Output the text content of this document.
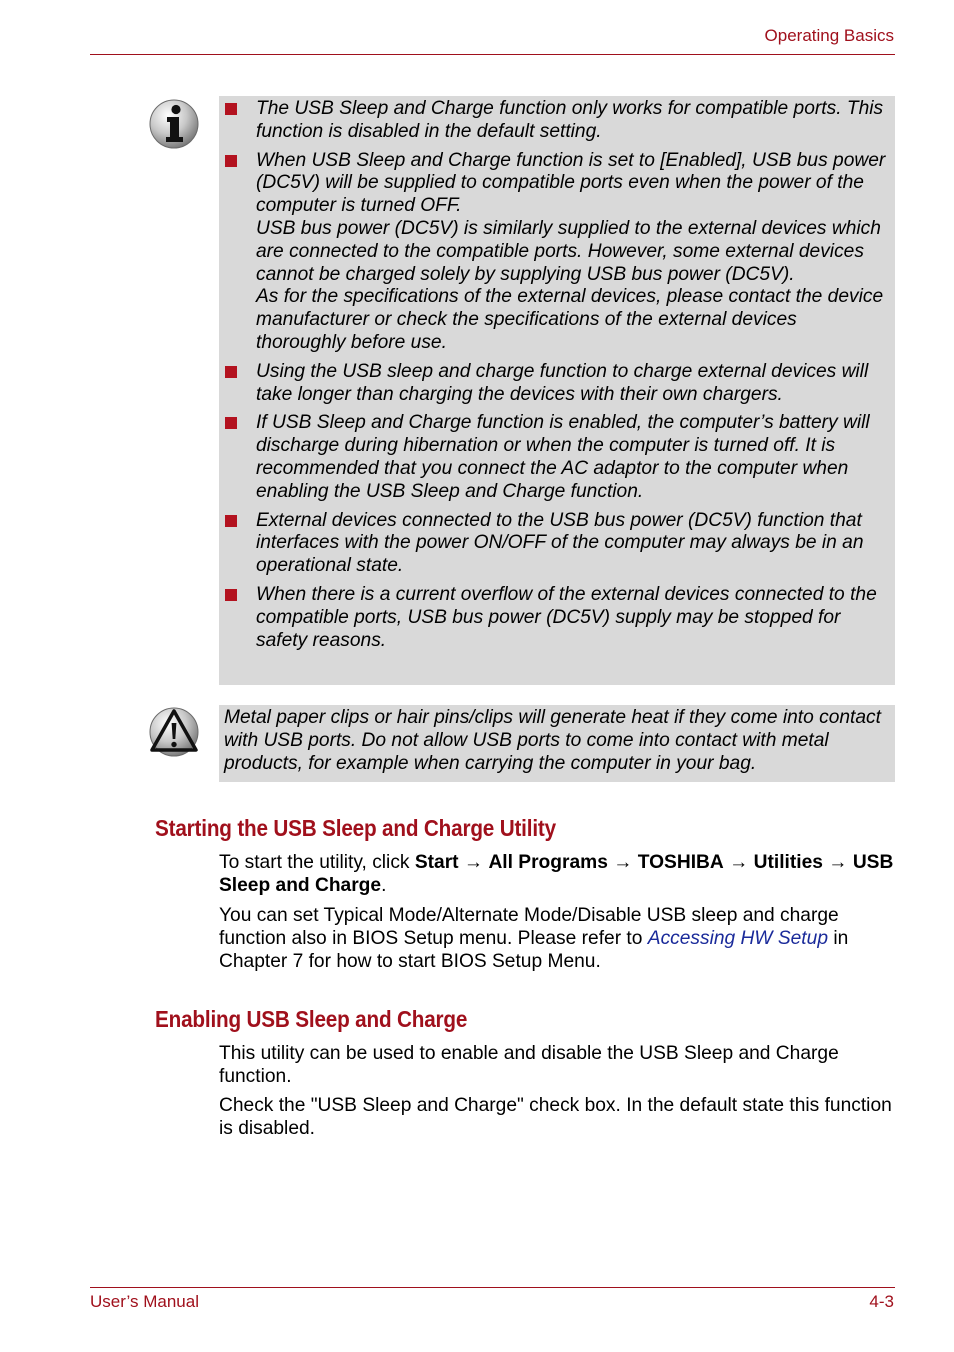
Operating Basics
The USB Sleep and Charge function only works for compatible ports. This function is disabled in the default setting.
When USB Sleep and Charge function is set to [Enabled], USB bus power (DC5V) will be supplied to compatible ports even when the power of the computer is turned OFF.
USB bus power (DC5V) is similarly supplied to the external devices which are connected to the compatible ports. However, some external devices cannot be charged solely by supplying USB bus power (DC5V).
As for the specifications of the external devices, please contact the device manufacturer or check the specifications of the external devices thoroughly before use.
Using the USB sleep and charge function to charge external devices will take longer than charging the devices with their own chargers.
If USB Sleep and Charge function is enabled, the computer’s battery will discharge during hibernation or when the computer is turned off. It is recommended that you connect the AC adaptor to the computer when enabling the USB Sleep and Charge function.
External devices connected to the USB bus power (DC5V) function that interfaces with the power ON/OFF of the computer may always be in an operational state.
When there is a current overflow of the external devices connected to the compatible ports, USB bus power (DC5V) supply may be stopped for safety reasons.

Metal paper clips or hair pins/clips will generate heat if they come into contact with USB ports. Do not allow USB ports to come into contact with metal products, for example when carrying the computer in your bag.

Starting the USB Sleep and Charge Utility

To start the utility, click Start → All Programs → TOSHIBA → Utilities → USB Sleep and Charge.

You can set Typical Mode/Alternate Mode/Disable USB sleep and charge function also in BIOS Setup menu. Please refer to Accessing HW Setup in Chapter 7 for how to start BIOS Setup Menu.

Enabling USB Sleep and Charge

This utility can be used to enable and disable the USB Sleep and Charge function.

Check the "USB Sleep and Charge" check box. In the default state this function is disabled.

User’s Manual	4-3
